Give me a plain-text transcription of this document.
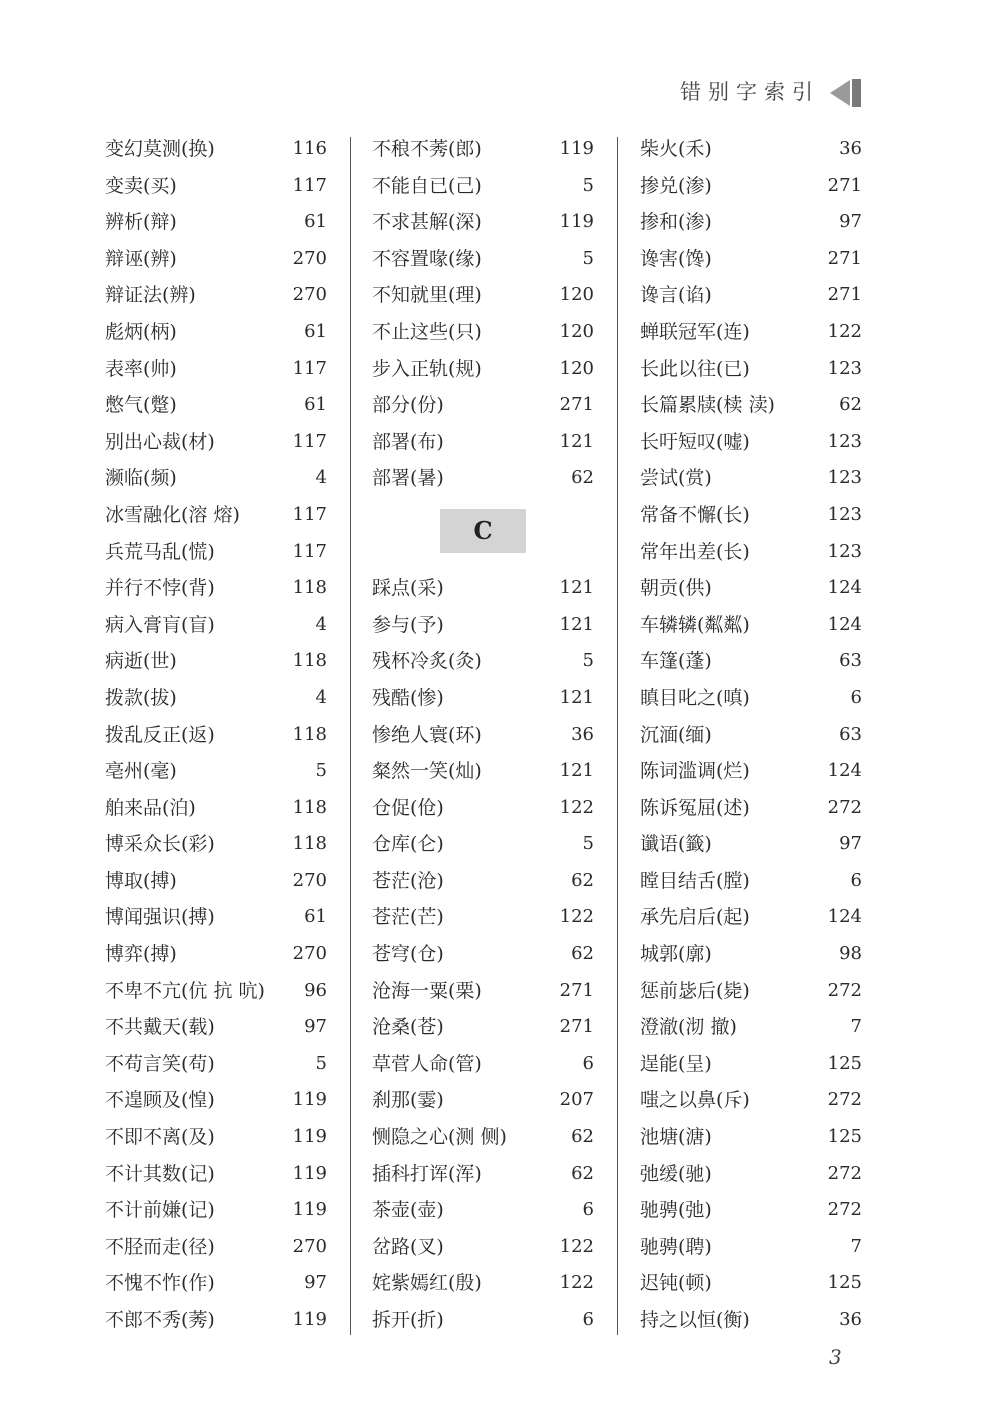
错别字索引
变幻莫测(换)	116
变卖(买)	117
辨析(辩)	61
辩诬(辨)	270
辩证法(辨)	270
彪炳(柄)	61
表率(帅)	117
憋气(蹩)	61
别出心裁(材)	117
濒临(频)	4
冰雪融化(溶 熔)	117
兵荒马乱(慌)	117
并行不悖(背)	118
病入膏肓(盲)	4
病逝(世)	118
拨款(拔)	4
拨乱反正(返)	118
亳州(毫)	5
舶来品(泊)	118
博采众长(彩)	118
博取(搏)	270
博闻强识(搏)	61
博弈(搏)	270
不卑不亢(伉 抗 吭) 96
不共戴天(载)	97
不苟言笑(苟)	5
不遑顾及(惶)	119
不即不离(及)	119
不计其数(记)	119
不计前嫌(记)	119
不胫而走(径)	270
不愧不怍(作)	97
不郎不秀(莠)	119
不稂不莠(郎)	119
不能自已(己)	5
不求甚解(深)	119
不容置喙(缘)	5
不知就里(理)	120
不止这些(只)	120
步入正轨(规)	120
部分(份)	271
部署(布)	121
部署(暑)	62
C
踩点(采)	121
参与(予)	121
残杯冷炙(灸)	5
残酷(惨)	121
惨绝人寰(环)	36
粲然一笑(灿)	121
仓促(伧)	122
仓库(仑)	5
苍茫(沧)	62
苍茫(芒)	122
苍穹(仓)	62
沧海一粟(栗)	271
沧桑(苍)	271
草菅人命(管)	6
刹那(霎)	207
恻隐之心(测 侧)	62
插科打诨(浑)	62
茶壶(壶)	6
岔路(叉)	122
姹紫嫣红(殷)	122
拆开(折)	6
柴火(禾)	36
掺兑(渗)	271
掺和(渗)	97
谗害(馋)	271
谗言(谄)	271
蝉联冠军(连)	122
长此以往(已)	123
长篇累牍(椟 渎)	62
长吁短叹(嘘)	123
尝试(赏)	123
常备不懈(长)	123
常年出差(长)	123
朝贡(供)	124
车辚辚(粼粼)	124
车篷(蓬)	63
瞋目叱之(嗔)	6
沉湎(缅)	63
陈词滥调(烂)	124
陈诉冤屈(述)	272
谶语(籤)	97
瞠目结舌(膛)	6
承先启后(起)	124
城郭(廓)	98
惩前毖后(毙)	272
澄澈(沏 撤)	7
逞能(呈)	125
嗤之以鼻(斥)	272
池塘(溏)	125
弛缓(驰)	272
驰骋(弛)	272
驰骋(聘)	7
迟钝(顿)	125
持之以恒(衡)	36
3
